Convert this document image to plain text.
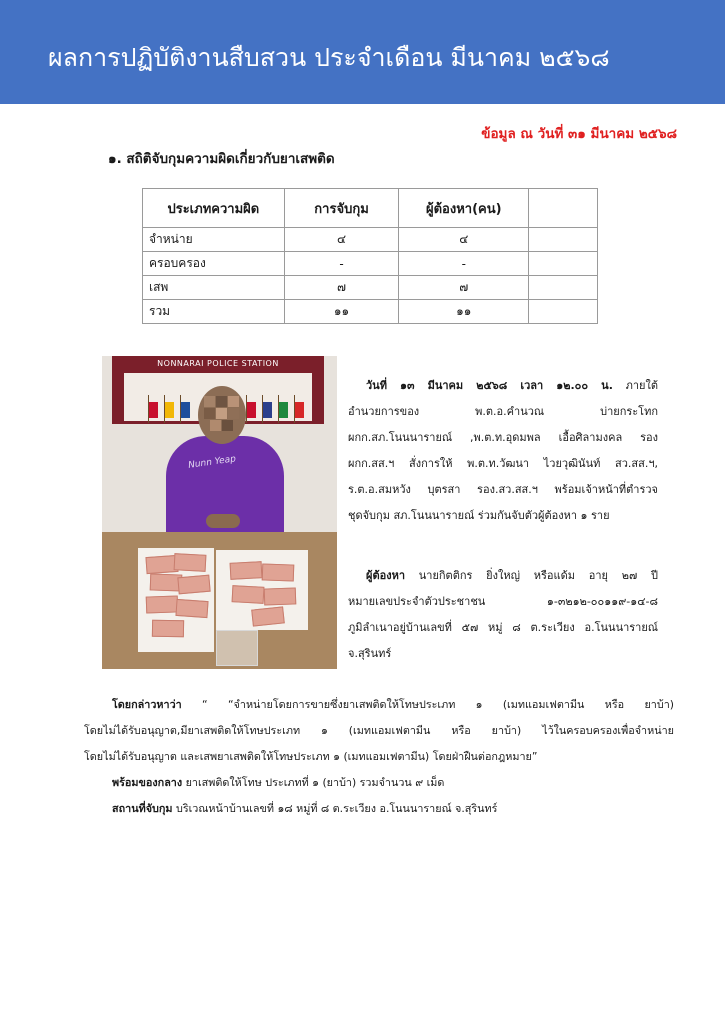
ผลการปฏิบัติงานสืบสวน ประจำเดือน มีนาคม ๒๕๖๘
ข้อมูล ณ วันที่ ๓๑ มีนาคม ๒๕๖๘
๑. สถิติจับกุมความผิดเกี่ยวกับยาเสพติด
ประเภทความผิด	การจับกุม	ผู้ต้องหา(คน)	
จำหน่าย	๔	๔	
ครอบครอง	-	-	
เสพ	๗	๗	
รวม	๑๑	๑๑	
NONNARAI POLICE STATION
Nunn Yeap

วันที่ ๑๓ มีนาคม ๒๕๖๘ เวลา ๑๒.๐๐ น. ภายใต้

อำนวยการของ พ.ต.อ.คำนวณ บ่ายกระโทก

ผกก.สภ.โนนนารายณ์ ,พ.ต.ท.อุดมพล เอื้อศิลามงคล รอง

ผกก.สส.ฯ สั่งการให้ พ.ต.ท.วัฒนา ไวยวุฒินันท์ สว.สส.ฯ,

ร.ต.อ.สมหวัง บุตรสา รอง.สว.สส.ฯ พร้อมเจ้าหน้าที่ตำรวจ

ชุดจับกุม สภ.โนนนารายณ์ ร่วมกันจับตัวผู้ต้องหา ๑ ราย

ผู้ต้องหา นายกิตติกร ยิ่งใหญ่ หรือแด้ม อายุ ๒๗ ปี

หมายเลขประจำตัวประชาชน ๑-๓๒๑๒-๐๐๑๑๙-๑๔-๘

ภูมิลำเนาอยู่บ้านเลขที่ ๕๗ หมู่ ๘ ต.ระเวียง อ.โนนนารายณ์

จ.สุรินทร์

โดยกล่าวหาว่า “ “จำหน่ายโดยการขายซึ่งยาเสพติดให้โทษประเภท ๑ (เมทแอมเฟตามีน หรือ ยาบ้า)

โดยไม่ได้รับอนุญาต,มียาเสพติดให้โทษประเภท ๑ (เมทแอมเฟตามีน หรือ ยาบ้า) ไว้ในครอบครองเพื่อจำหน่าย

โดยไม่ได้รับอนุญาต และเสพยาเสพติดให้โทษประเภท ๑ (เมทแอมเฟตามีน) โดยฝ่าฝืนต่อกฎหมาย”

พร้อมของกลาง ยาเสพติดให้โทษ ประเภทที่ ๑ (ยาบ้า) รวมจำนวน ๙ เม็ด

สถานที่จับกุม บริเวณหน้าบ้านเลขที่ ๑๘ หมู่ที่ ๘ ต.ระเวียง อ.โนนนารายณ์ จ.สุรินทร์
